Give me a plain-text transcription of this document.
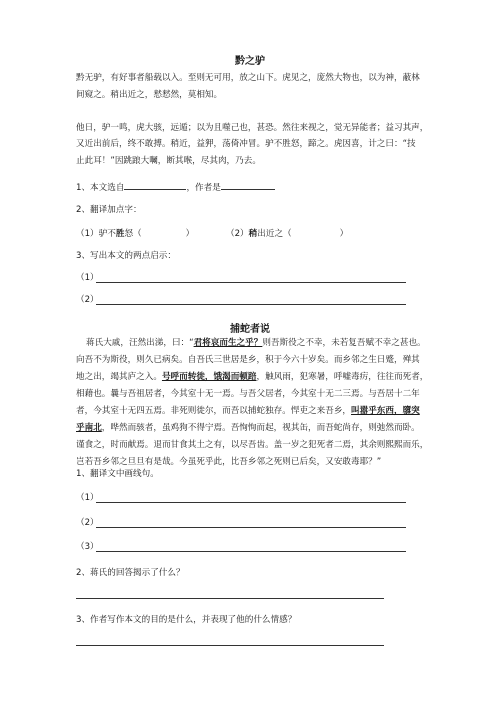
黔之驴
黔无驴，有好事者船载以入。至则无可用，放之山下。虎见之，庞然大物也，以为神，蔽林
间窥之。稍出近之，慭慭然，莫相知。
他日，驴一鸣，虎大骇，远遁；以为且噬己也，甚恐。然往来视之，觉无异能者；益习其声，
又近出前后，终不敢搏。稍近，益狎，荡倚冲冒。驴不胜怒，蹄之。虎因喜，计之曰：“技
止此耳！”因跳踉大㘎，断其喉，尽其肉，乃去。
1、本文选自	，作者是
2、翻译加点字：
（1）驴不胜怒（	）	（2）稍出近之（	）
3、写出本文的两点启示：
（1）
（2）
捕蛇者说
蒋氏大戚，汪然出涕，曰：“君将哀而生之乎？则吾斯役之不幸，未若复吾赋不幸之甚也。
向吾不为斯役，则久已病矣。自吾氏三世居是乡，积于今六十岁矣。而乡邻之生日蹙，殚其
地之出，竭其庐之入。号呼而转徙，饿渴而顿踣，触风雨，犯寒暑，呼嘘毒疠，往往而死者，
相藉也。曩与吾祖居者，今其室十无一焉。与吾父居者，今其室十无二三焉。与吾居十二年
者，今其室十无四五焉。非死则徙尔，而吾以捕蛇独存。悍吏之来吾乡，叫嚣乎东西，隳突
乎南北，哗然而骇者，虽鸡狗不得宁焉。吾恂恂而起，视其缶，而吾蛇尚存，则弛然而卧。
谨食之，时而献焉。退而甘食其土之有，以尽吾齿。盖一岁之犯死者二焉，其余则熙熙而乐，
岂若吾乡邻之旦旦有是哉。今虽死乎此，比吾乡邻之死则已后矣，又安敢毒耶？”
1、翻译文中画线句。
（1）
（2）
（3）
2、蒋氏的回答揭示了什么？
3、作者写作本文的目的是什么，并表现了他的什么情感？
